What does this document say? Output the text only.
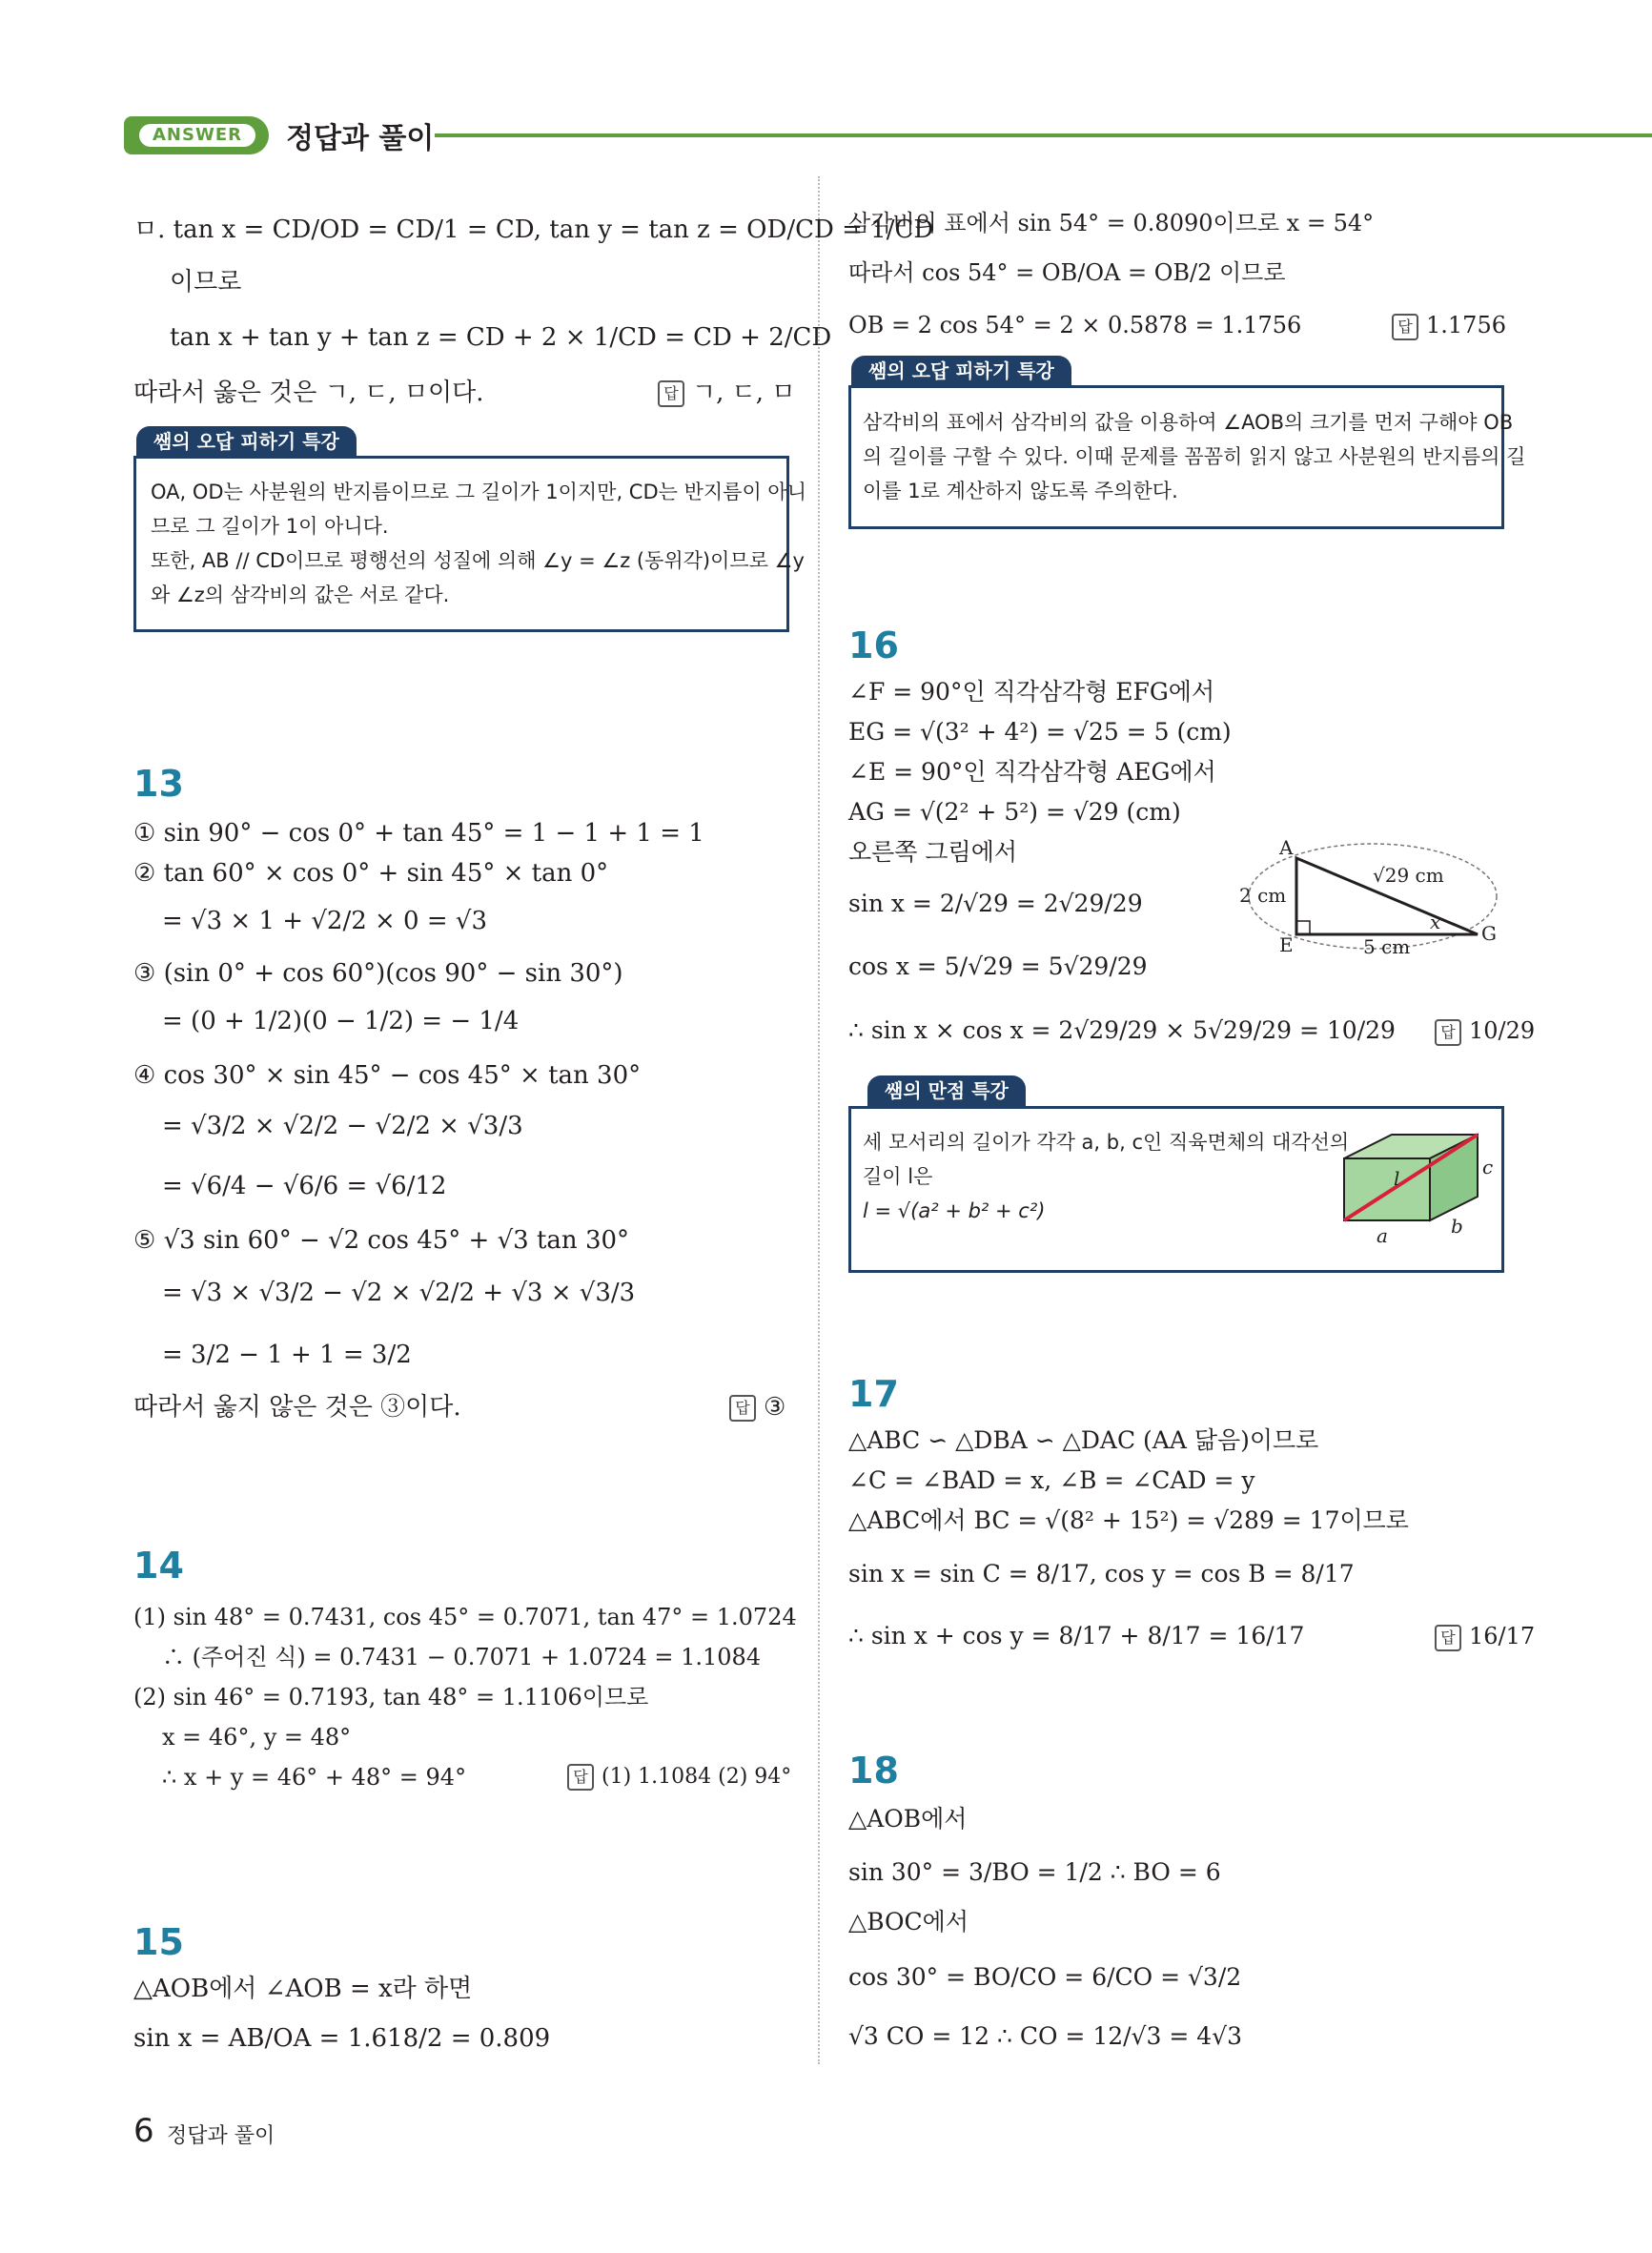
ANSWER	정답과 풀이
ㅁ. tan x = CD/OD = CD/1 = CD, tan y = tan z = OD/CD = 1/CD
이므로
tan x + tan y + tan z = CD + 2 × 1/CD = CD + 2/CD
따라서 옳은 것은 ㄱ, ㄷ, ㅁ이다.	답 ㄱ, ㄷ, ㅁ
쌤의 오답 피하기 특강
OA, OD는 사분원의 반지름이므로 그 길이가 1이지만, CD는 반지름이 아니
므로 그 길이가 1이 아니다.
또한, AB // CD이므로 평행선의 성질에 의해 ∠y = ∠z (동위각)이므로 ∠y
와 ∠z의 삼각비의 값은 서로 같다.
13
① sin 90° − cos 0° + tan 45° = 1 − 1 + 1 = 1
② tan 60° × cos 0° + sin 45° × tan 0°
= √3 × 1 + √2/2 × 0 = √3
③ (sin 0° + cos 60°)(cos 90° − sin 30°)
= (0 + 1/2)(0 − 1/2) = − 1/4
④ cos 30° × sin 45° − cos 45° × tan 30°
= √3/2 × √2/2 − √2/2 × √3/3
= √6/4 − √6/6 = √6/12
⑤ √3 sin 60° − √2 cos 45° + √3 tan 30°
= √3 × √3/2 − √2 × √2/2 + √3 × √3/3
= 3/2 − 1 + 1 = 3/2
따라서 옳지 않은 것은 ③이다.	답 ③
14
(1) sin 48° = 0.7431, cos 45° = 0.7071, tan 47° = 1.0724
∴ (주어진 식) = 0.7431 − 0.7071 + 1.0724 = 1.1084
(2) sin 46° = 0.7193, tan 48° = 1.1106이므로
x = 46°, y = 48°
∴ x + y = 46° + 48° = 94°	답 (1) 1.1084 (2) 94°
15
△AOB에서 ∠AOB = x라 하면
sin x = AB/OA = 1.618/2 = 0.809
삼각비의 표에서 sin 54° = 0.8090이므로 x = 54°
따라서 cos 54° = OB/OA = OB/2 이므로
OB = 2 cos 54° = 2 × 0.5878 = 1.1756	답 1.1756
쌤의 오답 피하기 특강
삼각비의 표에서 삼각비의 값을 이용하여 ∠AOB의 크기를 먼저 구해야 OB
의 길이를 구할 수 있다. 이때 문제를 꼼꼼히 읽지 않고 사분원의 반지름의 길
이를 1로 계산하지 않도록 주의한다.
16
∠F = 90°인 직각삼각형 EFG에서
EG = √(3² + 4²) = √25 = 5 (cm)
∠E = 90°인 직각삼각형 AEG에서
AG = √(2² + 5²) = √29 (cm)
오른쪽 그림에서
sin x = 2/√29 = 2√29/29
cos x = 5/√29 = 5√29/29
∴ sin x × cos x = 2√29/29 × 5√29/29 = 10/29	답 10/29
A
E	G
x
2 cm
5 cm
√29 cm
쌤의 만점 특강
세 모서리의 길이가 각각 a, b, c인 직육면체의 대각선의
길이 l은
l = √(a² + b² + c²)
a	b
c
l
17
△ABC ∽ △DBA ∽ △DAC (AA 닮음)이므로
∠C = ∠BAD = x, ∠B = ∠CAD = y
△ABC에서 BC = √(8² + 15²) = √289 = 17이므로
sin x = sin C = 8/17, cos y = cos B = 8/17
∴ sin x + cos y = 8/17 + 8/17 = 16/17	답 16/17
18
△AOB에서
sin 30° = 3/BO = 1/2 ∴ BO = 6
△BOC에서
cos 30° = BO/CO = 6/CO = √3/2
√3 CO = 12 ∴ CO = 12/√3 = 4√3
6 정답과 풀이
